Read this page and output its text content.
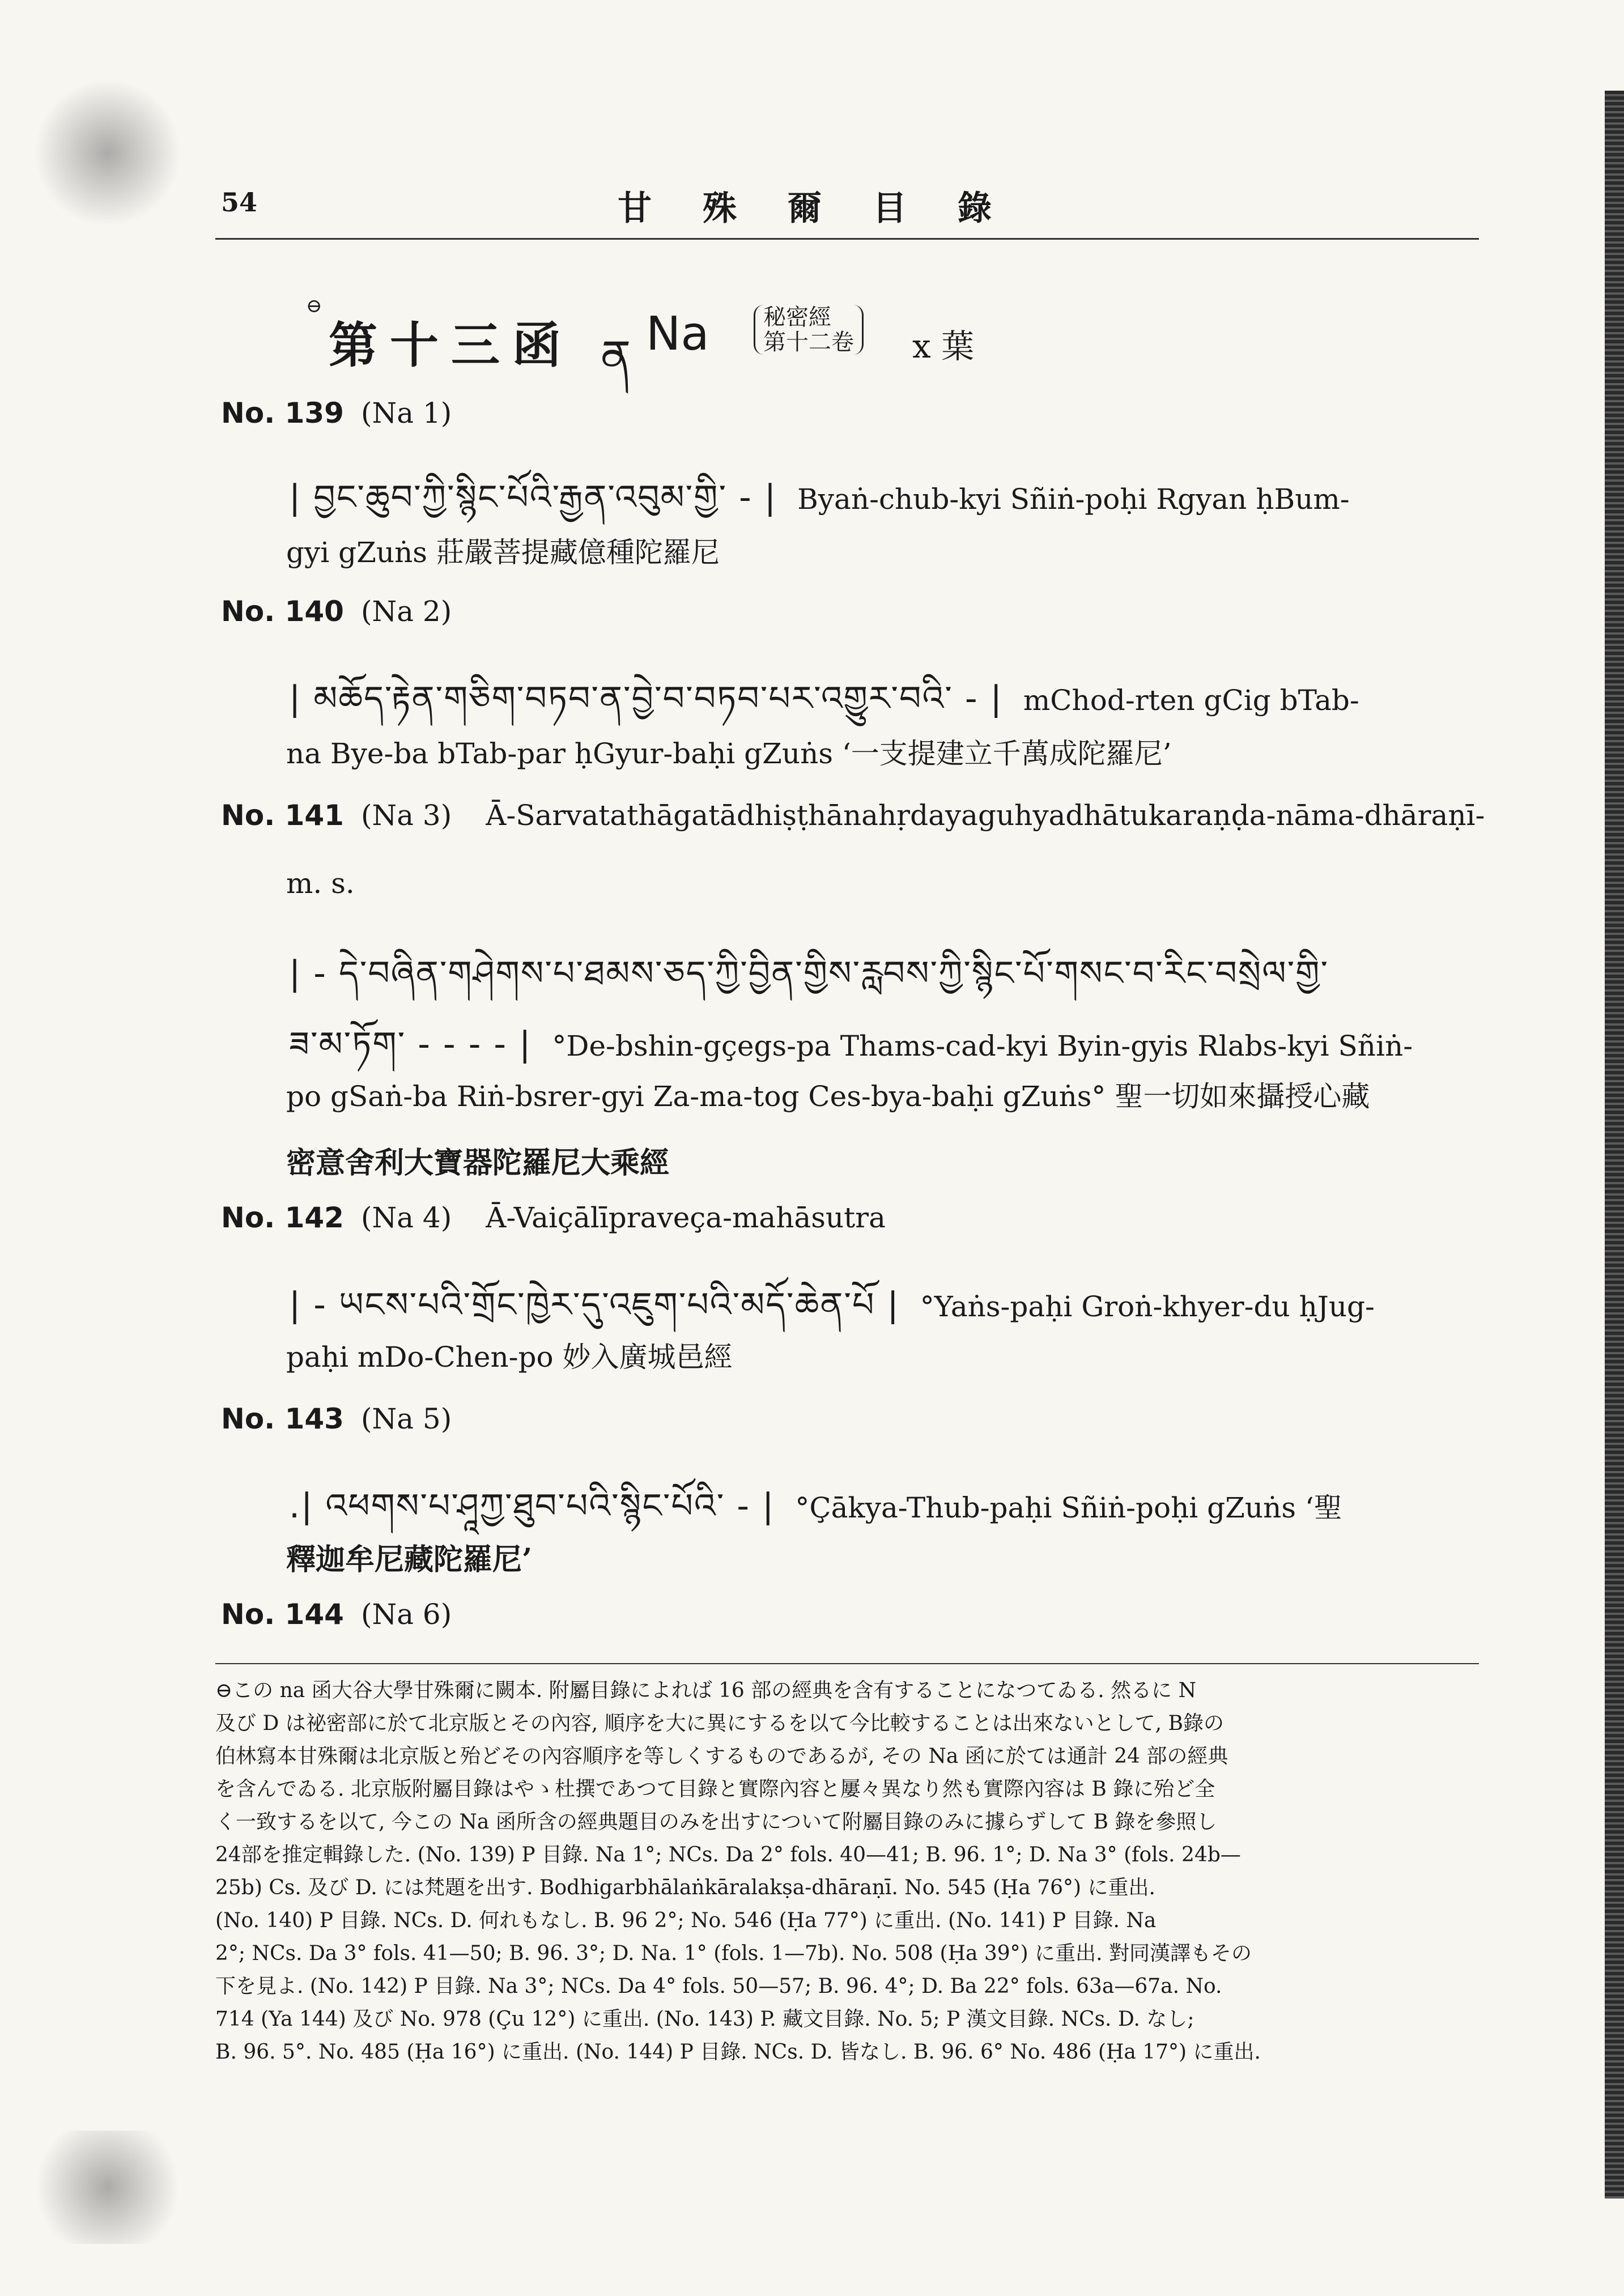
54	甘殊爾目錄
⊖
第十三函 ན Na	秘密經
第十二卷 x 葉
No. 139 (Na 1)
| བྱང་ཆུབ་ཀྱི་སྙིང་པོའི་རྒྱན་འབུམ་གྱི་ - | Byaṅ-chub-kyi Sñiṅ-poḥi Rgyan ḥBum-
gyi gZuṅs 莊嚴菩提藏億種陀羅尼
No. 140 (Na 2)
| མཆོད་རྟེན་གཅིག་བཏབ་ན་བྱེ་བ་བཏབ་པར་འགྱུར་བའི་ - | mChod-rten gCig bTab-
na Bye-ba bTab-par ḥGyur-baḥi gZuṅs ‘一支提建立千萬成陀羅尼’
No. 141 (Na 3) Ā-Sarvatathāgatādhiṣṭhānahṛdayaguhyadhātukaraṇḍa-nāma-dhāraṇī-
m. s.
| - དེ་བཞིན་གཤེགས་པ་ཐམས་ཅད་ཀྱི་བྱིན་གྱིས་རླབས་ཀྱི་སྙིང་པོ་གསང་བ་རིང་བསྲེལ་གྱི་
ཟ་མ་ཏོག་ - - - - | °De-bshin-gçegs-pa Thams-cad-kyi Byin-gyis Rlabs-kyi Sñiṅ-
po gSaṅ-ba Riṅ-bsrer-gyi Za-ma-tog Ces-bya-baḥi gZuṅs° 聖一切如來攝授心藏
密意舍利大寶器陀羅尼大乘經
No. 142 (Na 4) Ā-Vaiçālīpraveça-mahāsutra
| - ཡངས་པའི་གྲོང་ཁྱེར་དུ་འཇུག་པའི་མདོ་ཆེན་པོ | °Yaṅs-paḥi Groṅ-khyer-du ḥJug-
paḥi mDo-Chen-po 妙入廣城邑經
No. 143 (Na 5)
.| འཕགས་པ་ཤཱཀྱ་ཐུབ་པའི་སྙིང་པོའི་ - | °Çākya-Thub-paḥi Sñiṅ-poḥi gZuṅs ‘聖
釋迦牟尼藏陀羅尼’
No. 144 (Na 6)

⊖この na 函大谷大學甘殊爾に闕本. 附屬目錄によれば 16 部の經典を含有することになつてゐる. 然るに N

及び D は祕密部に於て北京版とその內容, 順序を大に異にするを以て今比較することは出來ないとして, B錄の

伯林寫本甘殊爾は北京版と殆どその內容順序を等しくするものであるが, その Na 函に於ては通計 24 部の經典

を含んでゐる. 北京版附屬目錄はやゝ杜撰であつて目錄と實際內容と屢々異なり然も實際內容は B 錄に殆ど全

く一致するを以て, 今この Na 函所含の經典題目のみを出すについて附屬目錄のみに據らずして B 錄を參照し

24部を推定輯錄した. (No. 139) P 目錄. Na 1°; NCs. Da 2° fols. 40—41; B. 96. 1°; D. Na 3° (fols. 24b—

25b) Cs. 及び D. には梵題を出す. Bodhigarbhālaṅkāralakṣa-dhāraṇī. No. 545 (Ḥa 76°) に重出.

(No. 140) P 目錄. NCs. D. 何れもなし. B. 96 2°; No. 546 (Ḥa 77°) に重出. (No. 141) P 目錄. Na

2°; NCs. Da 3° fols. 41—50; B. 96. 3°; D. Na. 1° (fols. 1—7b). No. 508 (Ḥa 39°) に重出. 對同漢譯もその

下を見よ. (No. 142) P 目錄. Na 3°; NCs. Da 4° fols. 50—57; B. 96. 4°; D. Ba 22° fols. 63a—67a. No.

714 (Ya 144) 及び No. 978 (Çu 12°) に重出. (No. 143) P. 藏文目錄. No. 5; P 漢文目錄. NCs. D. なし;

B. 96. 5°. No. 485 (Ḥa 16°) に重出. (No. 144) P 目錄. NCs. D. 皆なし. B. 96. 6° No. 486 (Ḥa 17°) に重出.
